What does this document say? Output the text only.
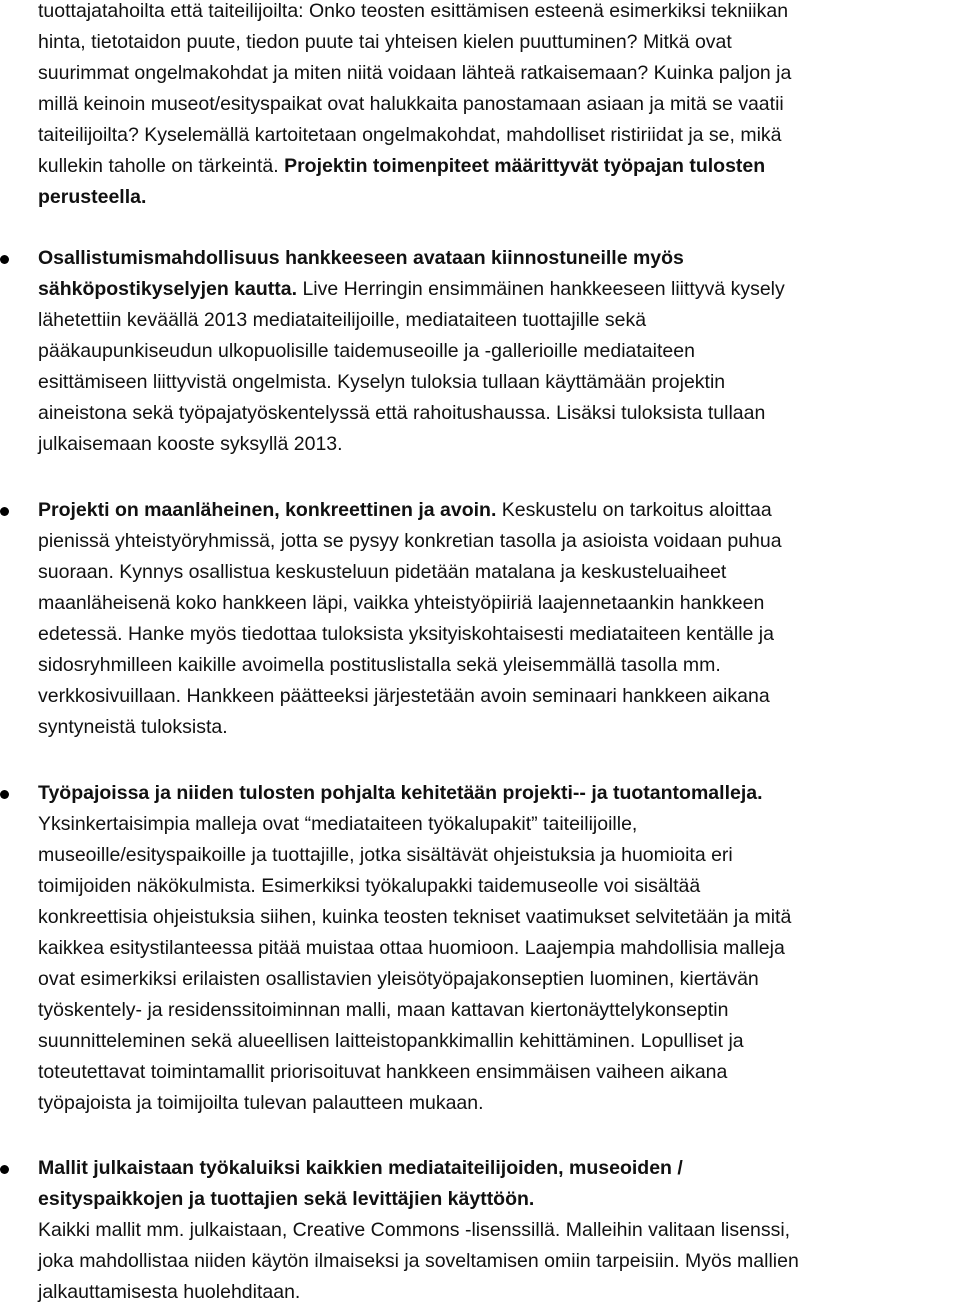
tuottajatahoilta että taiteilijoilta: Onko teosten esittämisen esteenä esimerkiksi tekniikan
hinta, tietotaidon puute, tiedon puute tai yhteisen kielen puuttuminen? Mitkä ovat
suurimmat ongelmakohdat ja miten niitä voidaan lähteä ratkaisemaan? Kuinka paljon ja
millä keinoin museot/esityspaikat ovat halukkaita panostamaan asiaan ja mitä se vaatii
taiteilijoilta? Kyselemällä kartoitetaan ongelmakohdat, mahdolliset ristiriidat ja se, mikä
kullekin taholle on tärkeintä. Projektin toimenpiteet määrittyvät työpajan tulosten
perusteella.
Osallistumismahdollisuus hankkeeseen avataan kiinnostuneille myös
sähköpostikyselyjen kautta. Live Herringin ensimmäinen hankkeeseen liittyvä kysely
lähetettiin keväällä 2013 mediataiteilijoille, mediataiteen tuottajille sekä
pääkaupunkiseudun ulkopuolisille taidemuseoille ja -gallerioille mediataiteen
esittämiseen liittyvistä ongelmista. Kyselyn tuloksia tullaan käyttämään projektin
aineistona sekä työpajatyöskentelyssä että rahoitushaussa. Lisäksi tuloksista tullaan
julkaisemaan kooste syksyllä 2013.
Projekti on maanläheinen, konkreettinen ja avoin. Keskustelu on tarkoitus aloittaa
pienissä yhteistyöryhmissä, jotta se pysyy konkretian tasolla ja asioista voidaan puhua
suoraan. Kynnys osallistua keskusteluun pidetään matalana ja keskusteluaiheet
maanläheisenä koko hankkeen läpi, vaikka yhteistyöpiiriä laajennetaankin hankkeen
edetessä. Hanke myös tiedottaa tuloksista yksityiskohtaisesti mediataiteen kentälle ja
sidosryhmilleen kaikille avoimella postituslistalla sekä yleisemmällä tasolla mm.
verkkosivuillaan. Hankkeen päätteeksi järjestetään avoin seminaari hankkeen aikana
syntyneistä tuloksista.
Työpajoissa ja niiden tulosten pohjalta kehitetään projekti-- ja tuotantomalleja.
Yksinkertaisimpia malleja ovat “mediataiteen työkalupakit” taiteilijoille,
museoille/esityspaikoille ja tuottajille, jotka sisältävät ohjeistuksia ja huomioita eri
toimijoiden näkökulmista. Esimerkiksi työkalupakki taidemuseolle voi sisältää
konkreettisia ohjeistuksia siihen, kuinka teosten tekniset vaatimukset selvitetään ja mitä
kaikkea esitystilanteessa pitää muistaa ottaa huomioon. Laajempia mahdollisia malleja
ovat esimerkiksi erilaisten osallistavien yleisötyöpajakonseptien luominen, kiertävän
työskentely- ja residenssitoiminnan malli, maan kattavan kiertonäyttelykonseptin
suunnitteleminen sekä alueellisen laitteistopankkimallin kehittäminen. Lopulliset ja
toteutettavat toimintamallit priorisoituvat hankkeen ensimmäisen vaiheen aikana
työpajoista ja toimijoilta tulevan palautteen mukaan.
Mallit julkaistaan työkaluiksi kaikkien mediataiteilijoiden, museoiden /
esityspaikkojen ja tuottajien sekä levittäjien käyttöön.
Kaikki mallit mm. julkaistaan, Creative Commons -lisenssillä. Malleihin valitaan lisenssi,
joka mahdollistaa niiden käytön ilmaiseksi ja soveltamisen omiin tarpeisiin. Myös mallien
jalkauttamisesta huolehditaan.
